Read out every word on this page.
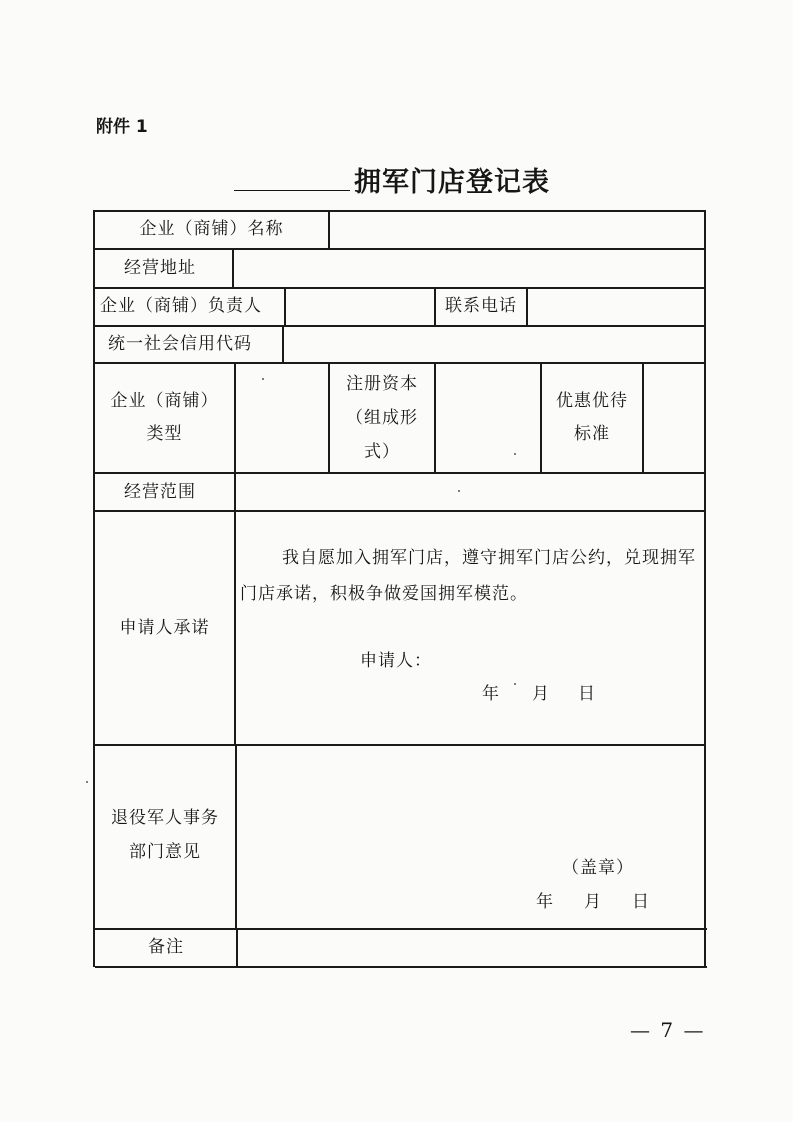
附件 1
拥军门店登记表
企业（商铺）名称
经营地址
企业（商铺）负责人	联系电话
统一社会信用代码
企业（商铺）
类型
注册资本
（组成形
式）
优惠优待
标准
经营范围
申请人承诺
我自愿加入拥军门店，遵守拥军门店公约，兑现拥军门店承诺，积极争做爱国拥军模范。
申请人：
年 月 日
退役军人事务
部门意见
（盖章）
年 月 日
备注
— 7 —
